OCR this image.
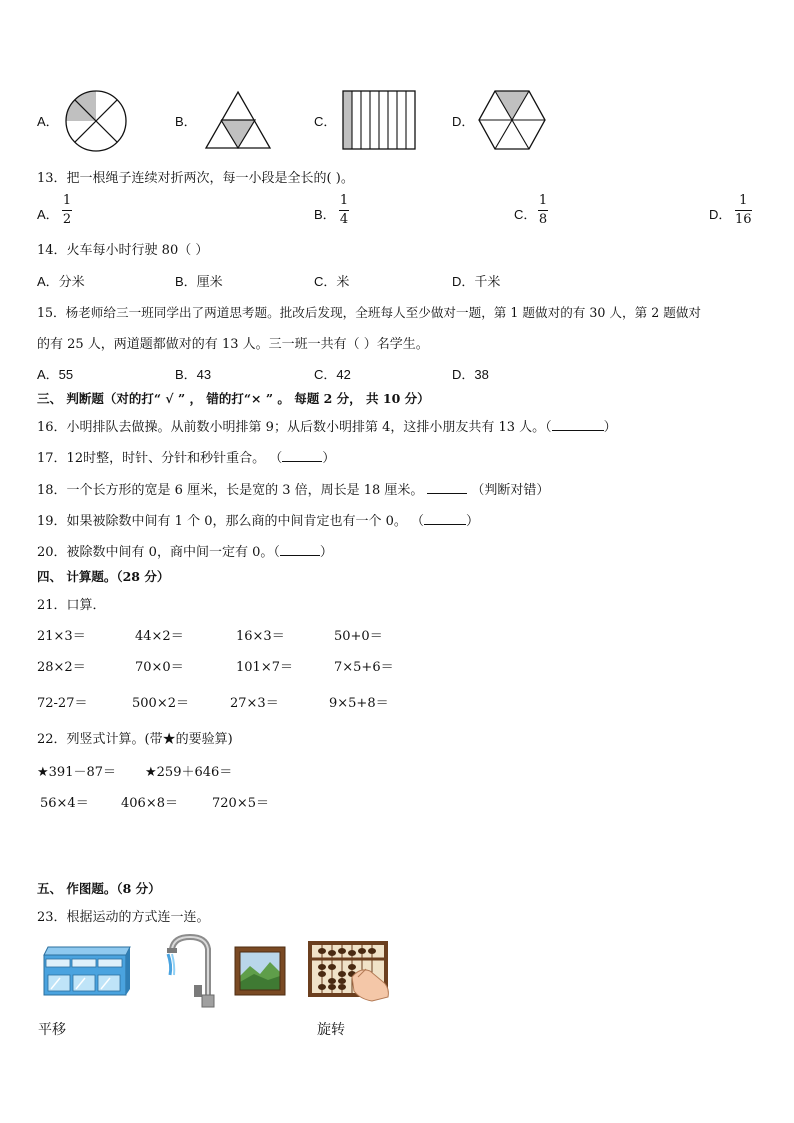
A．	B．	C．	D．
13．把一根绳子连续对折两次，每一小段是全长的( )。
A．
1
2	B．
1
4	C．
1
8	D．
1
16
14．火车每小时行驶 80（ ）
A．分米	B．厘米	C．米	D．千米
15．杨老师给三一班同学出了两道思考题。批改后发现，全班每人至少做对一题，第 1 题做对的有 30 人，第 2 题做对
的有 25 人，两道题都做对的有 13 人。三一班一共有（ ）名学生。
A．55	B．43	C．42	D．38
三、 判断题（对的打“ √ ” ， 错的打“× ” 。 每题 2 分， 共 10 分）
16．小明排队去做操。从前数小明排第 9；从后数小明排第 4，这排小朋友共有 13 人。（	）
17．12时整，时针、分针和秒针重合。 （	）
18．一个长方形的宽是 6 厘米，长是宽的 3 倍，周长是 18 厘米。	（判断对错）
19．如果被除数中间有 1 个 0，那么商的中间肯定也有一个 0。 （	）
20．被除数中间有 0，商中间一定有 0。（	）
四、 计算题。（28 分）
21．口算．
21×3＝	44×2＝	16×3＝	50+0＝
28×2＝	70×0＝	101×7＝	7×5+6＝
72-27＝	500×2＝	27×3＝	9×5+8＝
22．列竖式计算。(带★的要验算)
★391－87＝ ★259＋646＝
56×4＝ 406×8＝	720×5＝
五、 作图题。（8 分）
23．根据运动的方式连一连。
平移	旋转
